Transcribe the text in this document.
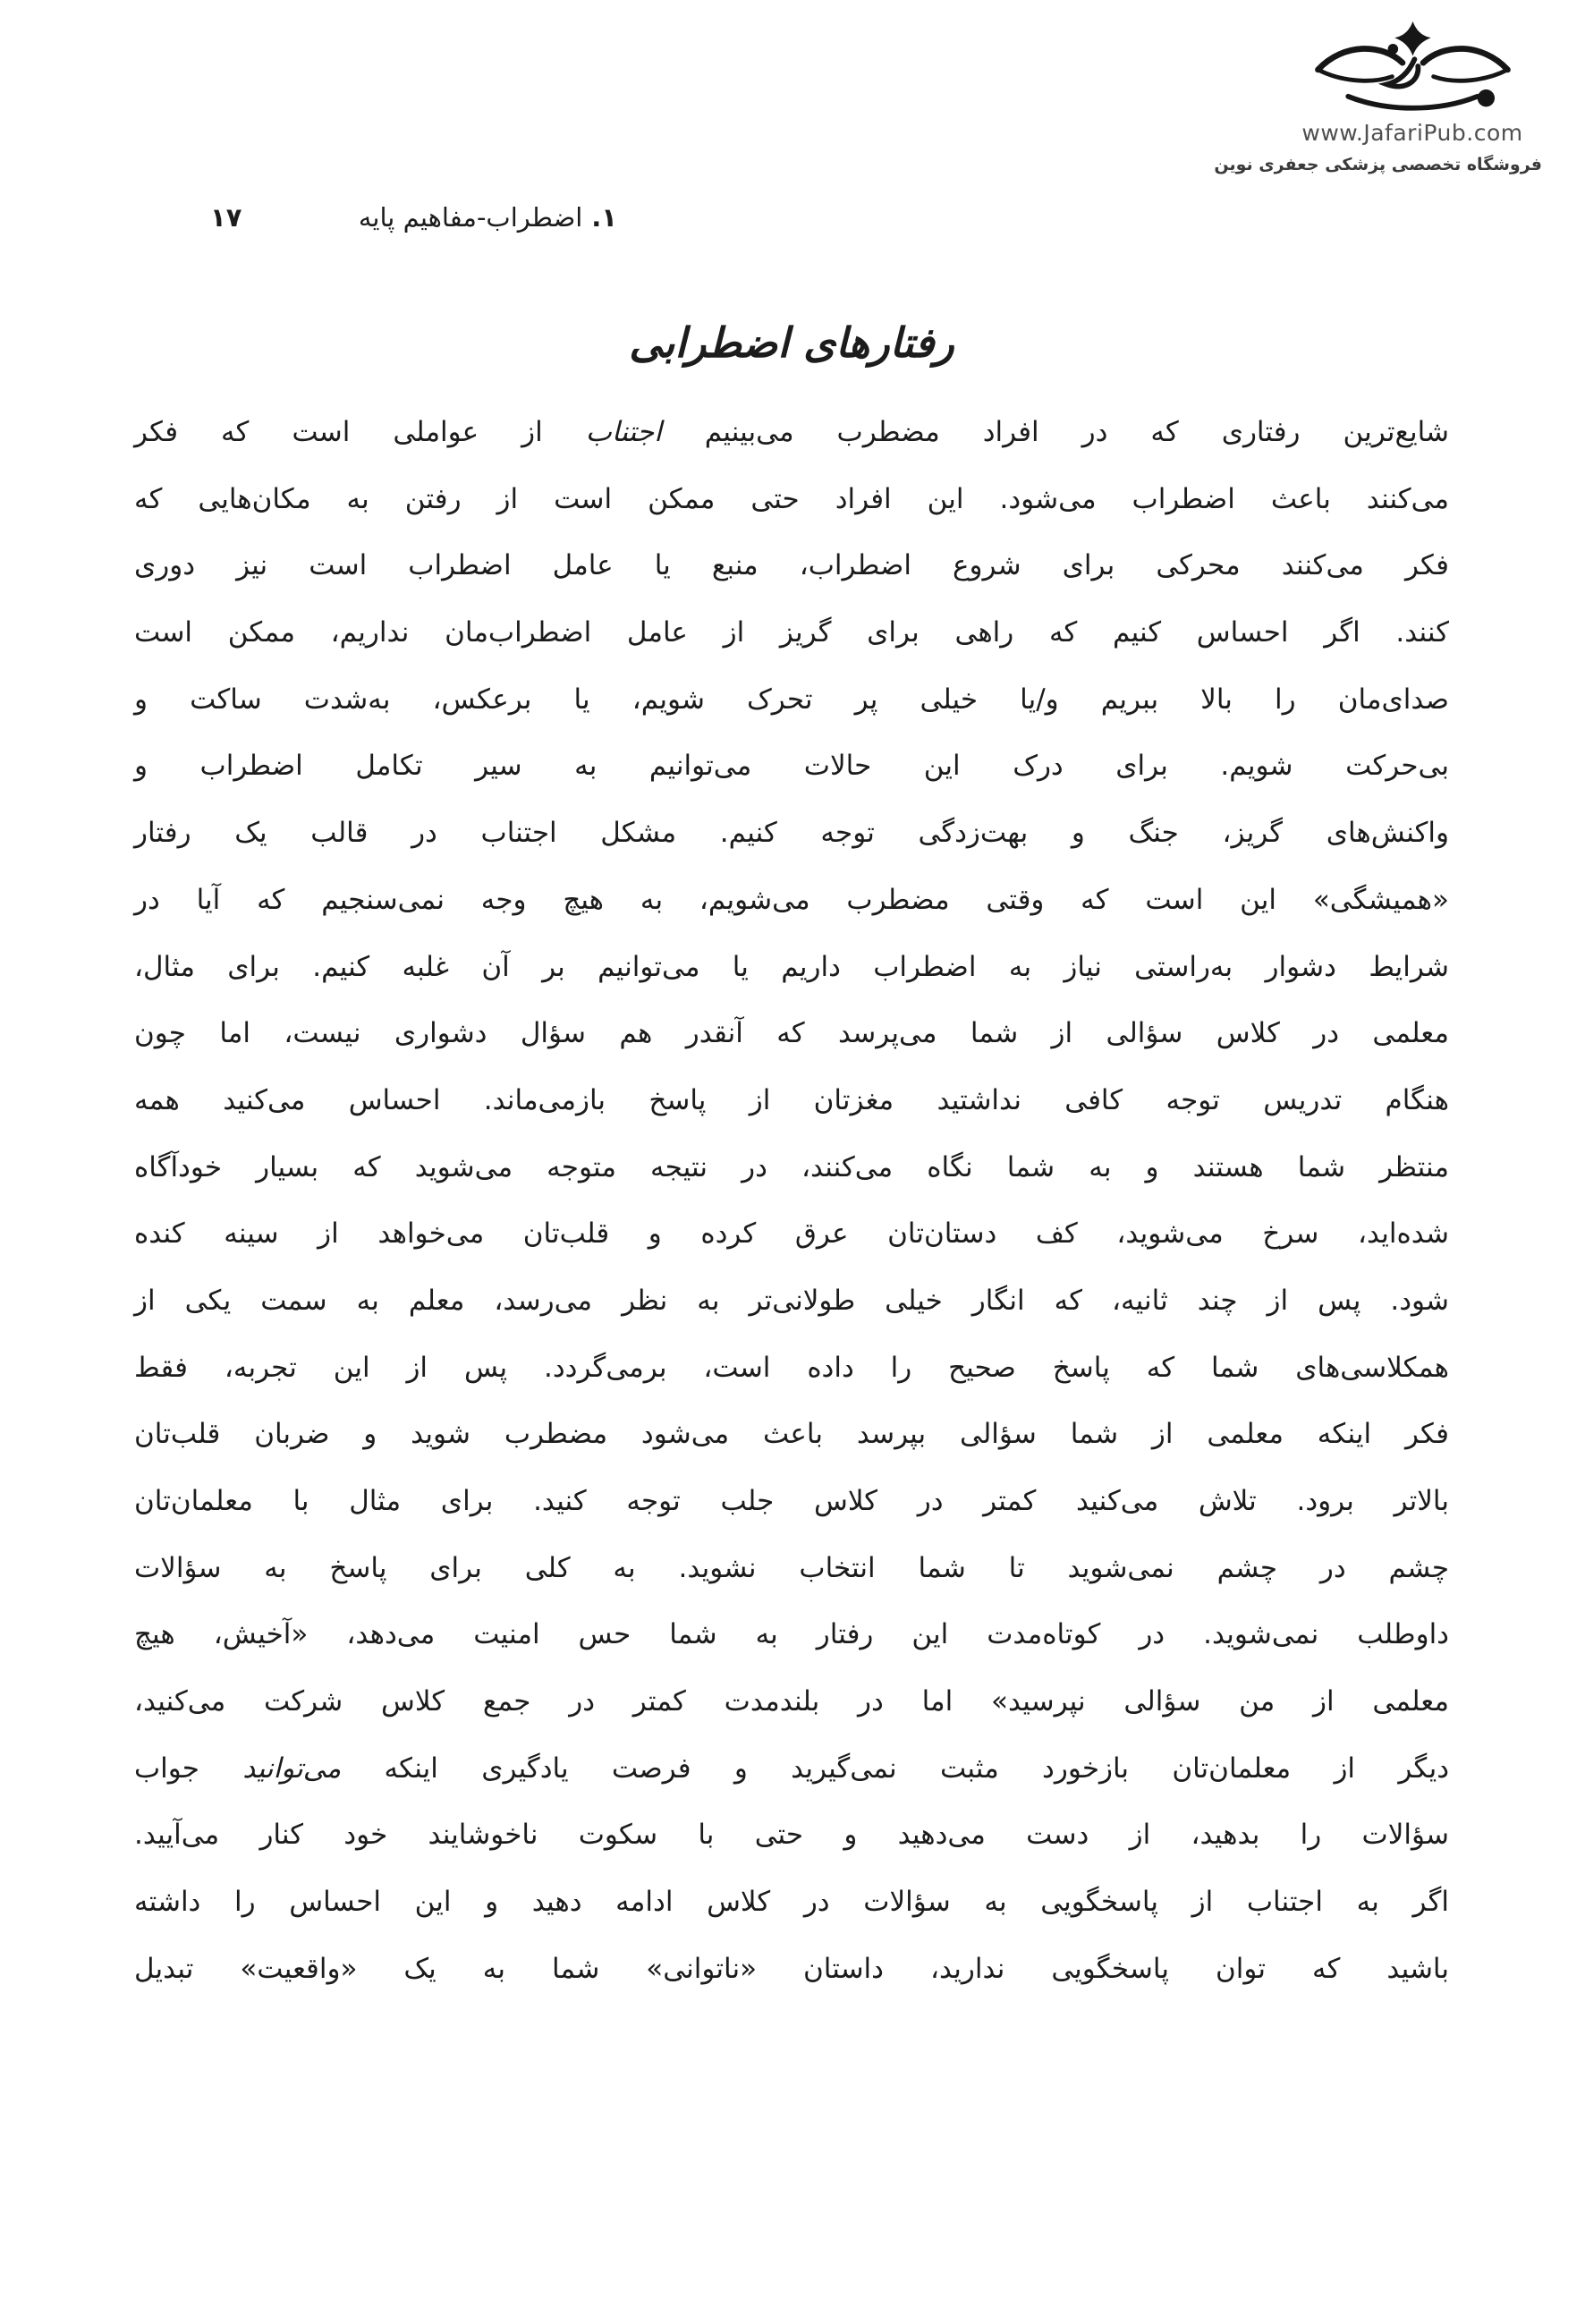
www.JafariPub.com
فروشگاه تخصصی پزشکی جعفری نوین
۱.اضطراب-مفاهیم پایه
۱۷
رفتارهای اضطرابی
شایع‌ترین رفتاری که در افراد مضطرب می‌بینیم اجتناب از عواملی است که فکر
می‌کنند باعث اضطراب می‌شود. این افراد حتی ممکن است از رفتن به مکان‌هایی که
فکر می‌کنند محرکی برای شروع اضطراب، منبع یا عامل اضطراب است نیز دوری
کنند. اگر احساس کنیم که راهی برای گریز از عامل اضطراب‌مان نداریم، ممکن است
صدای‌مان را بالا ببریم و/یا خیلی پر تحرک شویم، یا برعکس، به‌شدت ساکت و
بی‌حرکت شویم. برای درک این حالات می‌توانیم به سیر تکامل اضطراب و
واکنش‌های گریز، جنگ و بهت‌زدگی توجه کنیم. مشکل اجتناب در قالب یک رفتار
«همیشگی» این است که وقتی مضطرب می‌شویم، به هیچ وجه نمی‌سنجیم که آیا در
شرایط دشوار به‌راستی نیاز به اضطراب داریم یا می‌توانیم بر آن غلبه کنیم. برای مثال،
معلمی در کلاس سؤالی از شما می‌پرسد که آنقدر هم سؤال دشواری نیست، اما چون
هنگام تدریس توجه کافی نداشتید مغزتان از پاسخ بازمی‌ماند. احساس می‌کنید همه
منتظر شما هستند و به شما نگاه می‌کنند، در نتیجه متوجه می‌شوید که بسیار خودآگاه
شده‌اید، سرخ می‌شوید، کف دستان‌تان عرق کرده و قلب‌تان می‌خواهد از سینه کنده
شود. پس از چند ثانیه، که انگار خیلی طولانی‌تر به نظر می‌رسد، معلم به سمت یکی از
همکلاسی‌های شما که پاسخ صحیح را داده است، برمی‌گردد. پس از این تجربه، فقط
فکر اینکه معلمی از شما سؤالی بپرسد باعث می‌شود مضطرب شوید و ضربان قلب‌تان
بالاتر برود. تلاش می‌کنید کمتر در کلاس جلب توجه کنید. برای مثال با معلمان‌تان
چشم در چشم نمی‌شوید تا شما انتخاب نشوید. به کلی برای پاسخ به سؤالات
داوطلب نمی‌شوید. در کوتاه‌مدت این رفتار به شما حس امنیت می‌دهد، «آخیش، هیچ
معلمی از من سؤالی نپرسید» اما در بلندمدت کمتر در جمع کلاس شرکت می‌کنید،
دیگر از معلمان‌تان بازخورد مثبت نمی‌گیرید و فرصت یادگیری اینکه می‌توانید جواب
سؤالات را بدهید، از دست می‌دهید و حتی با سکوت ناخوشایند خود کنار می‌آیید.
اگر به اجتناب از پاسخگویی به سؤالات در کلاس ادامه دهید و این احساس را داشته
باشید که توان پاسخگویی ندارید، داستان «ناتوانی» شما به یک «واقعیت» تبدیل
